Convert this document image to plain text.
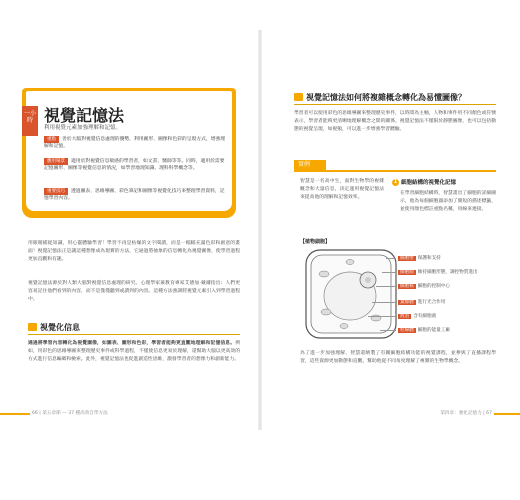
一小時 視覺記憶法
利用視覺元素加強理解和記憶。
重點 善於大腦對視覺信息處理的優勢，利用圖形、圖像和色彩的呈現方式，增強理解和記憶。
應用場景 適用於對視覺信息敏感的學習者，如文書、醫師等等。同時，適用於需要記憶圖形、圖像等視覺信息的情況，如學習地理知識、理科科學概念等。
重要技巧 透過圖表、思維導圖、彩色筆記和圖像等視覺化技巧來整理學習資料，記憶學習內容。
用眼睛捕捉知識，用心靈體驗學習！學習不再是枯燥的文字閱讀，而是一幅幅充滿色彩和創意的畫面！視覺記憶法正是讓這種想像成為現實的方法，它通過將抽象的信息轉化為視覺圖像，使學習過程更加直觀和有趣。
視覺記憶法源於對人類大腦對視覺信息處理的研究。心理學家兼教育專家艾德加·戴爾指出：人們更容易記住他們看到的內容，而不是僅僅聽到或讀到的內容。這種方法強調將視覺元素引入到學習過程中。
視覺化信息
通過將學習內容轉化為視覺圖像，如圖表、圖形和色彩，學習者能夠更直觀地理解和記憶信息。例如，用彩色的思維導圖來整理歷史事件或科學過程，不僅使信息更易於理解，還幫助大腦以更高效的方式進行信息編碼和檢索。此外，視覺記憶法也促進創造性思維，激發學習者的想像力和創新能力。
66 | 第五章節 — 37 種高效自學方法
視覺記憶法如何將複雜概念轉化為易懂圖像？
學習者可以使用彩色的思維導圖來整理歷史事件，以時間為主軸，人物和事件用不同顏色或符號表示，學習者能夠更清晰地理解概念之間的關係。視覺記憶法不僅限於靜態圖像，也可以包括動態的視覺呈現，如視頻，可以進一步增強學習體驗。
實例
智慧是一名高中生，面對生物學的複雜概念和大量信息，決定運用視覺記憶法來提高他的理解和記憶效率。
1 細胞結構的視覺化記憶
在學習細胞結構時，智慧畫出了細胞的詳細圖示，他為每個細胞器添加了簡短的描述標籤，並使用顏色標註重點名稱，用線來連接。
【植物細胞】
細胞壁 保護和支持
細胞膜 維持細胞形態，調控物質進出
細胞核 細胞的控制中心
葉綠體 進行光合作用
液泡 含有細胞液
粒線體 細胞的能量工廠
為了進一步加強理解，智慧還繪製了有關細胞結構功能的視覺課程，並參與了直播課程學習，這些資源更加動態和直觀，幫助他從不同角度理解了複雜的生物學概念。
第四章：強化記憶力 | 67
